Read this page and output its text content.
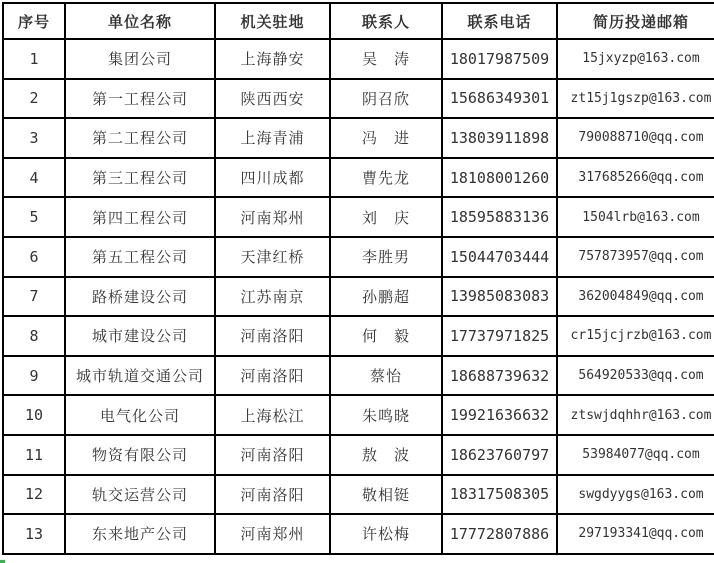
序号	单位名称	机关驻地	联系人	联系电话	简历投递邮箱
1	集团公司	上海静安	吴　涛	18017987509	15jxyzp@163.com
2	第一工程公司	陕西西安	阴召欣	15686349301	zt15j1gszp@163.com
3	第二工程公司	上海青浦	冯　进	13803911898	790088710@qq.com
4	第三工程公司	四川成都	曹先龙	18108001260	317685266@qq.com
5	第四工程公司	河南郑州	刘　庆	18595883136	1504lrb@163.com
6	第五工程公司	天津红桥	李胜男	15044703444	757873957@qq.com
7	路桥建设公司	江苏南京	孙鹏超	13985083083	362004849@qq.com
8	城市建设公司	河南洛阳	何　毅	17737971825	cr15jcjrzb@163.com
9	城市轨道交通公司	河南洛阳	蔡怡	18688739632	564920533@qq.com
10	电气化公司	上海松江	朱鸣晓	19921636632	ztswjdqhhr@163.com
11	物资有限公司	河南洛阳	敖　波	18623760797	53984077@qq.com
12	轨交运营公司	河南洛阳	敬相铤	18317508305	swgdyygs@163.com
13	东来地产公司	河南郑州	许松梅	17772807886	297193341@qq.com
